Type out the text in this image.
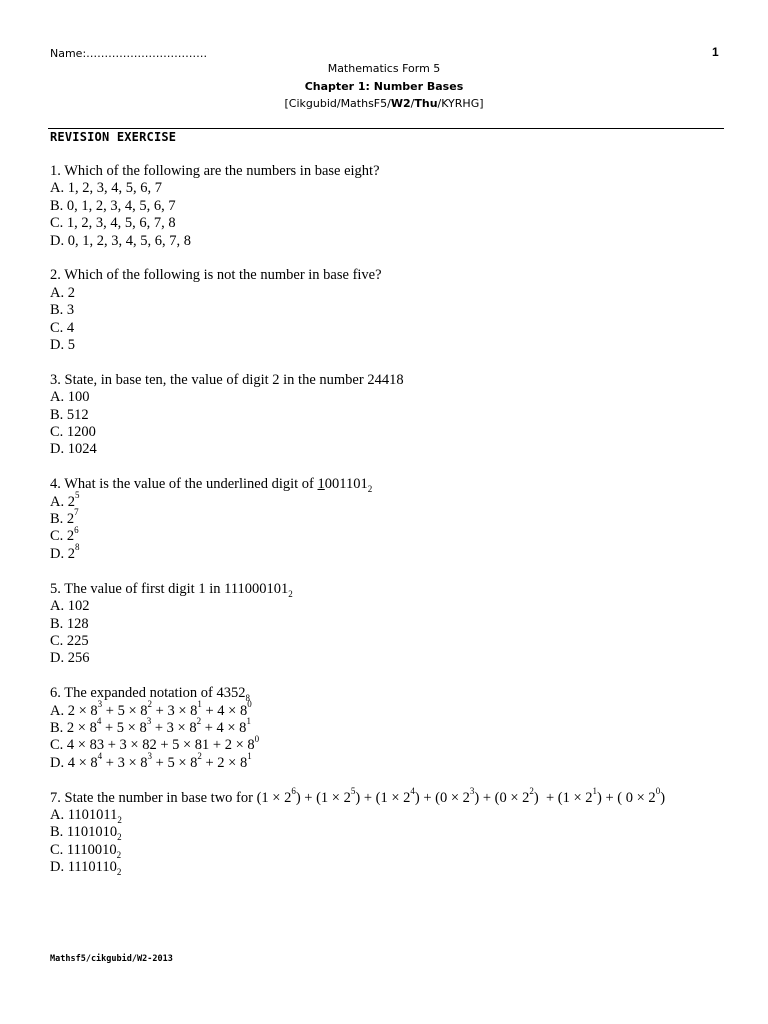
Name:……………………………	1
Mathematics Form 5
Chapter 1: Number Bases
[Cikgubid/MathsF5/W2/Thu/KYRHG]
REVISION EXERCISE
1. Which of the following are the numbers in base eight?
A. 1, 2, 3, 4, 5, 6, 7
B. 0, 1, 2, 3, 4, 5, 6, 7
C. 1, 2, 3, 4, 5, 6, 7, 8
D. 0, 1, 2, 3, 4, 5, 6, 7, 8
2. Which of the following is not the number in base five?
A. 2
B. 3
C. 4
D. 5
3. State, in base ten, the value of digit 2 in the number 24418
A. 100
B. 512
C. 1200
D. 1024
4. What is the value of the underlined digit of $1001101_2$
A. $2^5$
B. $2^7$
C. $2^6$
D. $2^8$
5. The value of first digit 1 in $111000101_2$
A. 102
B. 128
C. 225
D. 256
6. The expanded notation of $4352_8$
A. $2 \times 8^3 + 5 \times 8^2 + 3 \times 8^1 + 4 \times 8^0$
B. $2 \times 8^4 + 5 \times 8^3 + 3 \times 8^2 + 4 \times 8^1$
C. $4 \times 83 + 3 \times 82 + 5 \times 81 + 2 \times 8^0$
D. $4 \times 8^4 + 3 \times 8^3 + 5 \times 8^2 + 2 \times 8^1$
7. State the number in base two for $(1 \times 2^6) + (1 \times 2^5) + (1 \times 2^4) + (0 \times 2^3) + (0 \times 2^2) + (1 \times 2^1)$ + ( $0 \times 2^0$)
A. $1101011_2$
B. $1101010_2$
C. $1110010_2$
D. $1110110_2$
Mathsf5/cikgubid/W2-2013
